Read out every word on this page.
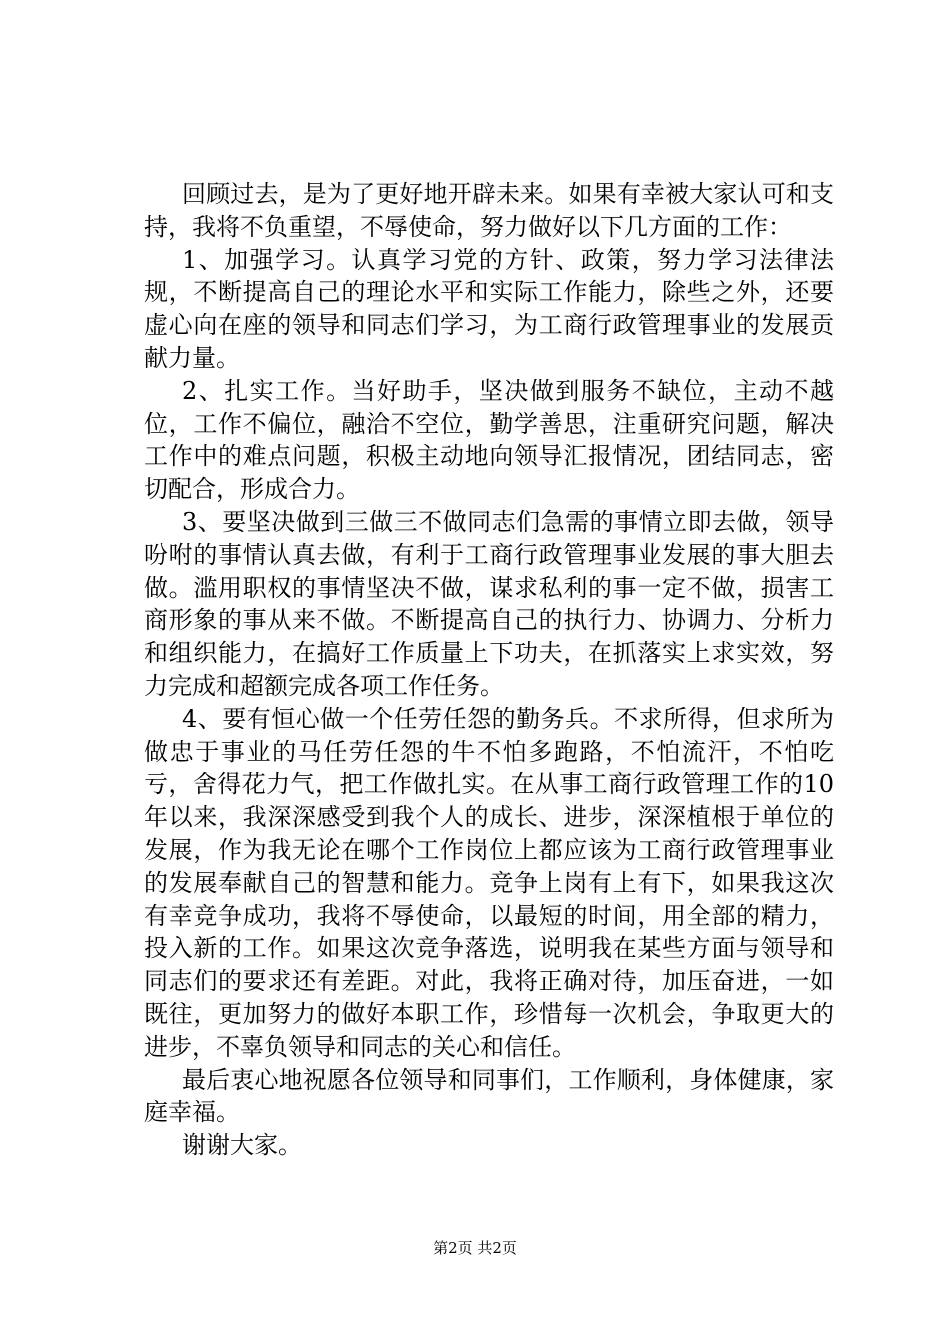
回顾过去，是为了更好地开辟未来。如果有幸被大家认可和支持，我将不负重望，不辱使命，努力做好以下几方面的工作：

1、加强学习。认真学习党的方针、政策，努力学习法律法规，不断提高自己的理论水平和实际工作能力，除些之外，还要虚心向在座的领导和同志们学习，为工商行政管理事业的发展贡献力量。

2、扎实工作。当好助手，坚决做到服务不缺位，主动不越位，工作不偏位，融洽不空位，勤学善思，注重研究问题，解决工作中的难点问题，积极主动地向领导汇报情况，团结同志，密切配合，形成合力。

3、要坚决做到三做三不做同志们急需的事情立即去做，领导吩咐的事情认真去做，有利于工商行政管理事业发展的事大胆去做。滥用职权的事情坚决不做，谋求私利的事一定不做，损害工商形象的事从来不做。不断提高自己的执行力、协调力、分析力和组织能力，在搞好工作质量上下功夫，在抓落实上求实效，努力完成和超额完成各项工作任务。

4、要有恒心做一个任劳任怨的勤务兵。不求所得，但求所为做忠于事业的马任劳任怨的牛不怕多跑路，不怕流汗，不怕吃亏，舍得花力气，把工作做扎实。在从事工商行政管理工作的10年以来，我深深感受到我个人的成长、进步，深深植根于单位的发展，作为我无论在哪个工作岗位上都应该为工商行政管理事业的发展奉献自己的智慧和能力。竞争上岗有上有下，如果我这次有幸竞争成功，我将不辱使命，以最短的时间，用全部的精力，投入新的工作。如果这次竞争落选，说明我在某些方面与领导和同志们的要求还有差距。对此，我将正确对待，加压奋进，一如既往，更加努力的做好本职工作，珍惜每一次机会，争取更大的进步，不辜负领导和同志的关心和信任。

最后衷心地祝愿各位领导和同事们，工作顺利，身体健康，家庭幸福。

谢谢大家。

第2页 共2页
